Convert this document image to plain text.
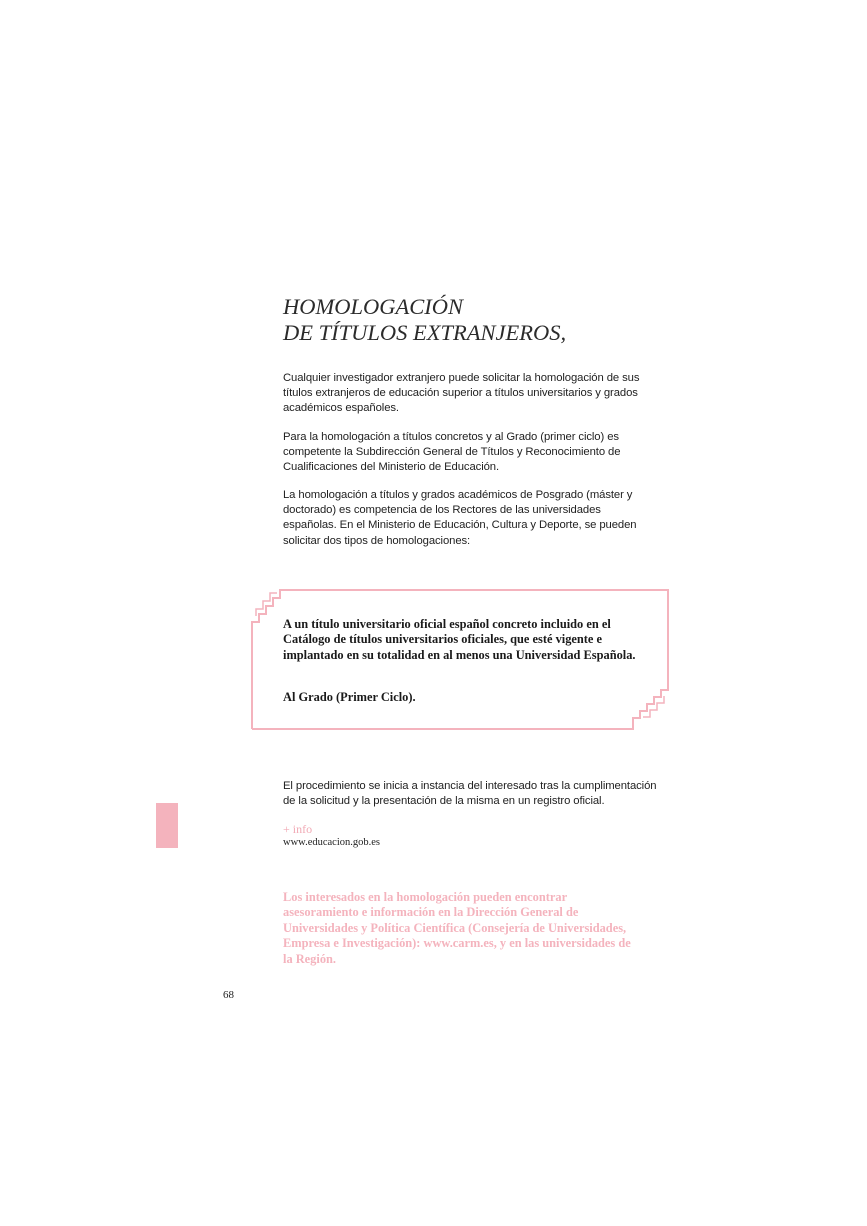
HOMOLOGACIÓN
DE TÍTULOS EXTRANJEROS,

Cualquier investigador extranjero puede solicitar la homologación de sus títulos extranjeros de educación superior a títulos universitarios y grados académicos españoles.

Para la homologación a títulos concretos y al Grado (primer ciclo) es competente la Subdirección General de Títulos y Reconocimiento de Cualificaciones del Ministerio de Educación.

La homologación a títulos y grados académicos de Posgrado (máster y doctorado) es competencia de los Rectores de las universidades españolas. En el Ministerio de Educación, Cultura y Deporte, se pueden solicitar dos tipos de homologaciones:

A un título universitario oficial español concreto incluido en el Catálogo de títulos universitarios oficiales, que esté vigente e implantado en su totalidad en al menos una Universidad Española.

Al Grado (Primer Ciclo).

El procedimiento se inicia a instancia del interesado tras la cumplimentación de la solicitud y la presentación de la misma en un registro oficial.

+ info
www.educacion.gob.es

Los interesados en la homologación pueden encontrar asesoramiento e información en la Dirección General de Universidades y Política Científica (Consejería de Universidades, Empresa e Investigación): www.carm.es, y en las universidades de la Región.

68
